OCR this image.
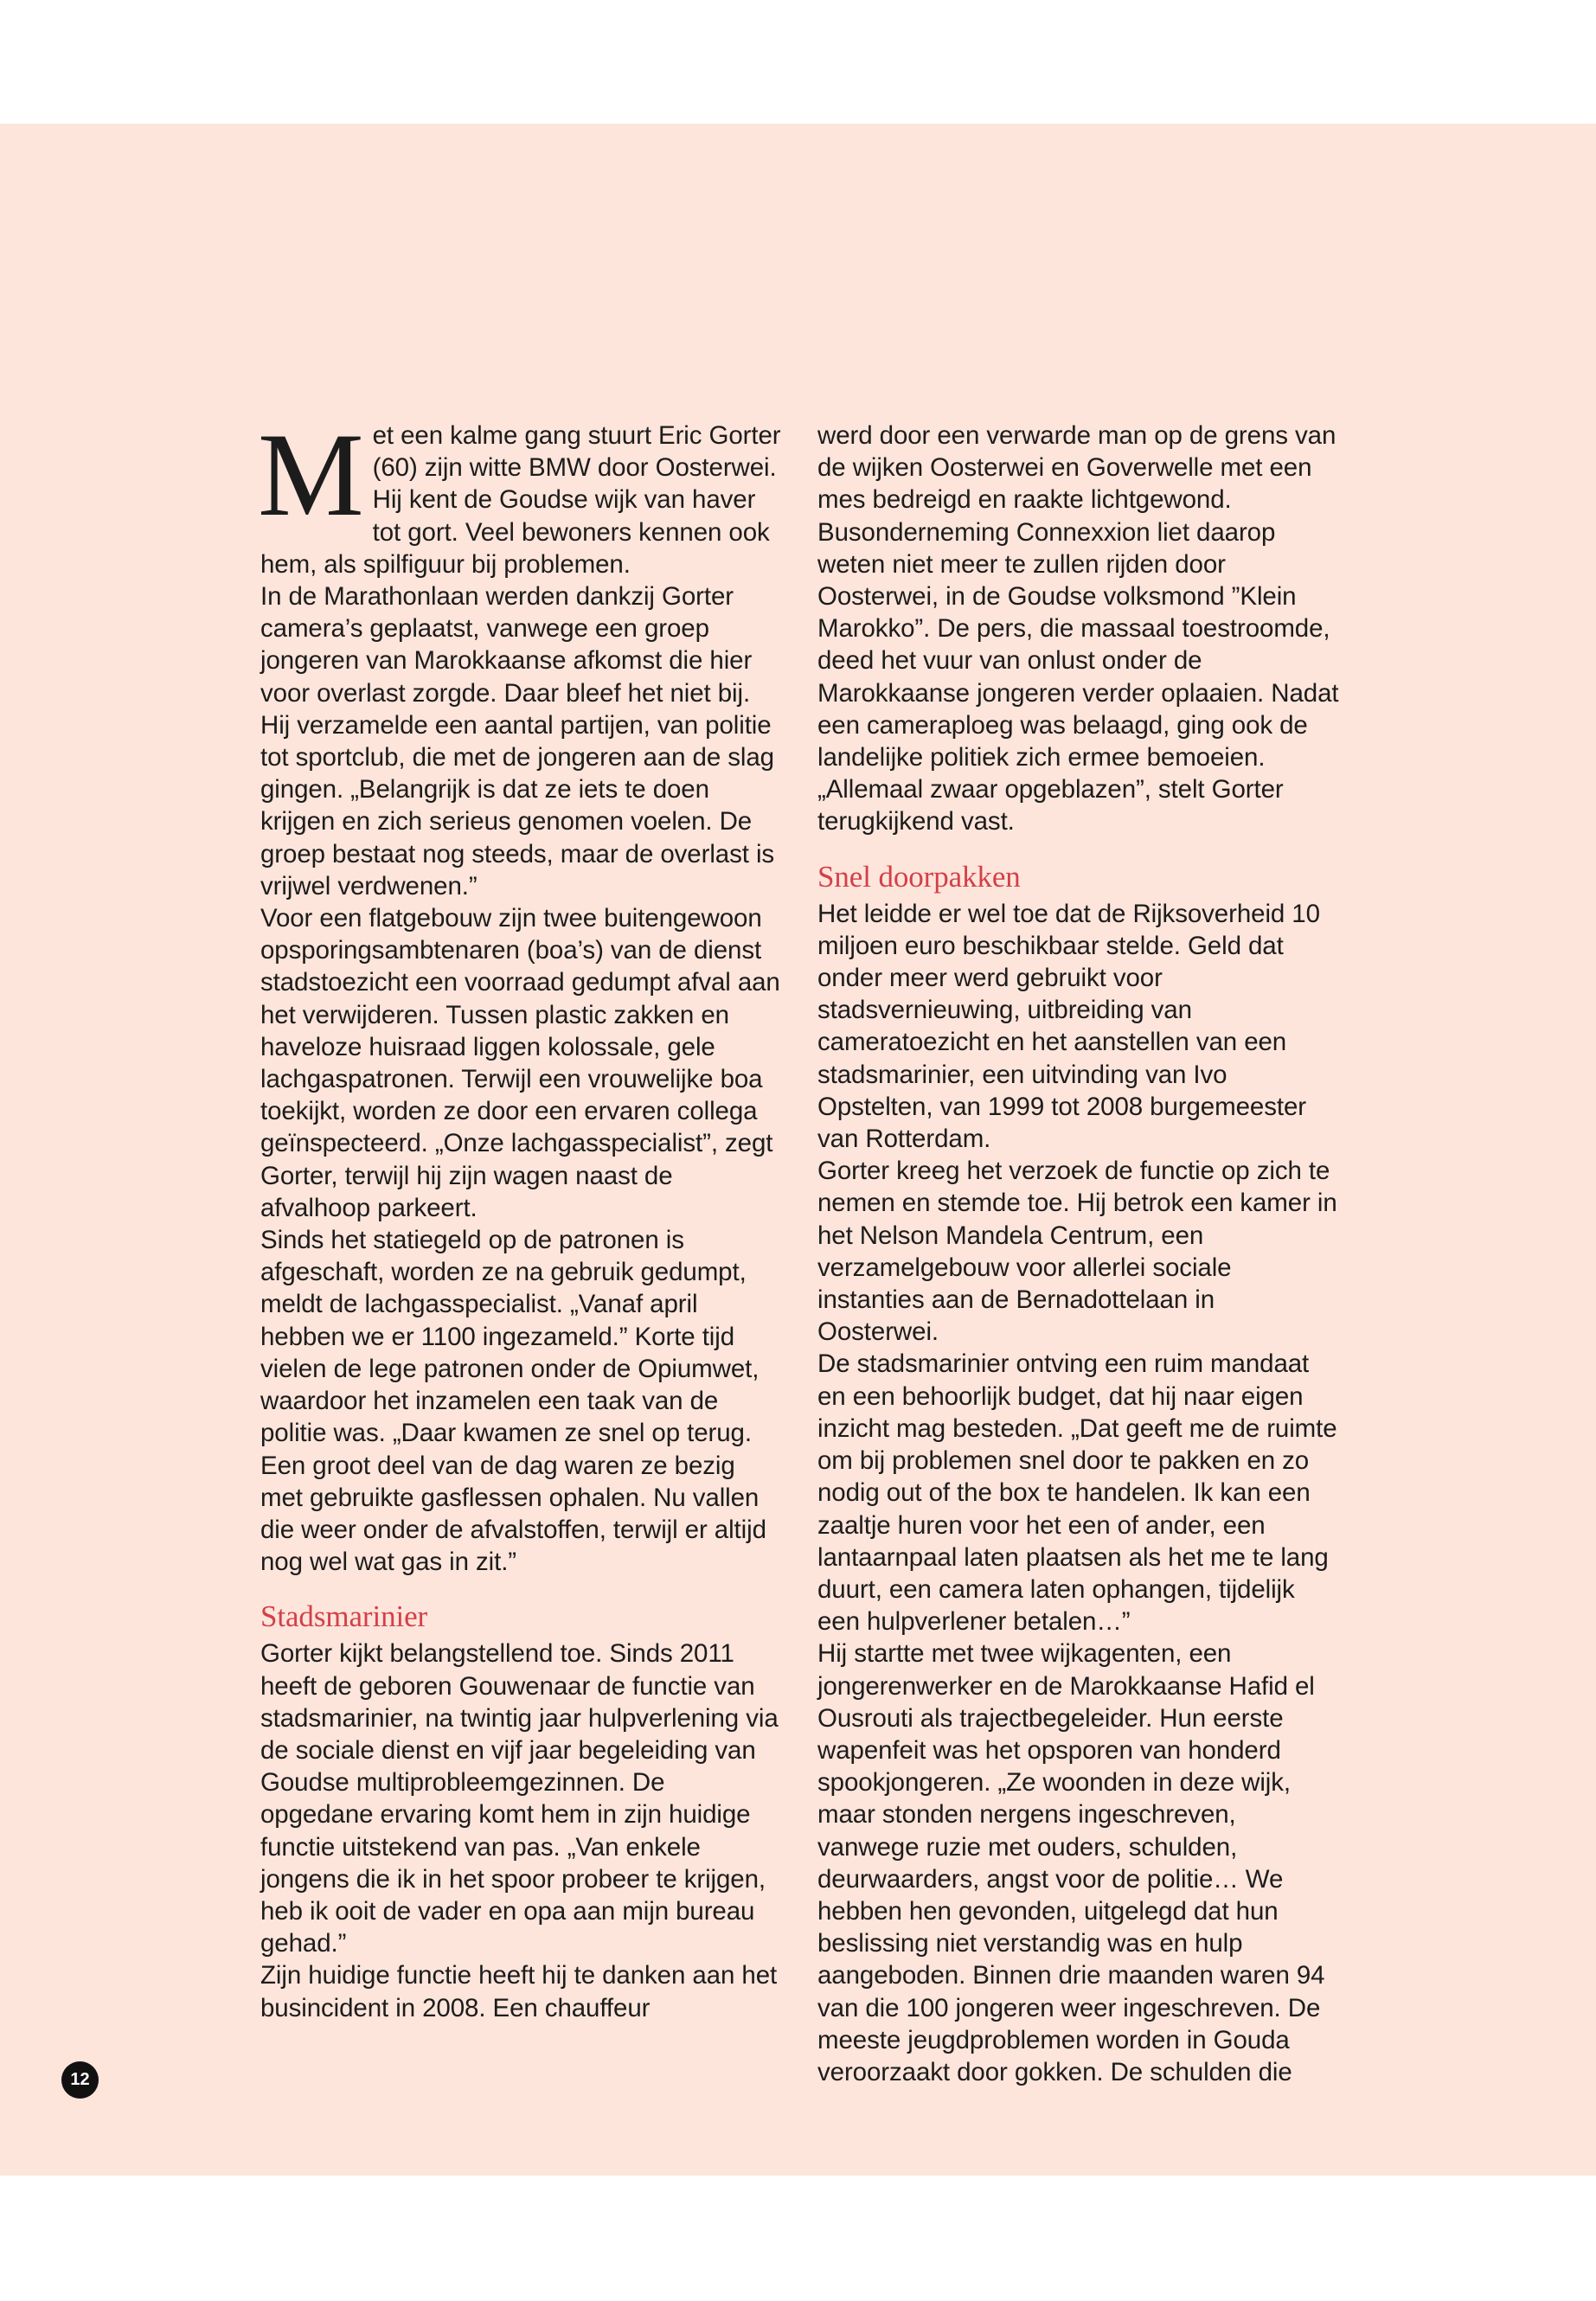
Met een kalme gang stuurt Eric Gorter (60) zijn witte BMW door Oosterwei. Hij kent de Goudse wijk van haver tot gort. Veel bewoners kennen ook hem, als spilfiguur bij problemen.

In de Marathonlaan werden dankzij Gorter camera’s geplaatst, vanwege een groep jongeren van Marokkaanse afkomst die hier voor overlast zorgde. Daar bleef het niet bij. Hij verzamelde een aantal partijen, van politie tot sportclub, die met de jongeren aan de slag gingen. „Belangrijk is dat ze iets te doen krijgen en zich serieus genomen voelen. De groep bestaat nog steeds, maar de overlast is vrijwel verdwenen.”

Voor een flatgebouw zijn twee buitengewoon opsporingsambtenaren (boa’s) van de dienst stadstoezicht een voorraad gedumpt afval aan het verwijderen. Tussen plastic zakken en haveloze huisraad liggen kolossale, gele lachgaspatronen. Terwijl een vrouwelijke boa toekijkt, worden ze door een ervaren collega geïnspecteerd. „Onze lachgasspecialist”, zegt Gorter, terwijl hij zijn wagen naast de afvalhoop parkeert.

Sinds het statiegeld op de patronen is afgeschaft, worden ze na gebruik gedumpt, meldt de lachgasspecialist. „Vanaf april hebben we er 1100 ingezameld.” Korte tijd vielen de lege patronen onder de Opiumwet, waardoor het inzamelen een taak van de politie was. „Daar kwamen ze snel op terug. Een groot deel van de dag waren ze bezig met gebruikte gasflessen ophalen. Nu vallen die weer onder de afvalstoffen, terwijl er altijd nog wel wat gas in zit.”

Stadsmarinier

Gorter kijkt belangstellend toe. Sinds 2011 heeft de geboren Gouwenaar de functie van stadsmarinier, na twintig jaar hulpverlening via de sociale dienst en vijf jaar begeleiding van Goudse multiprobleemgezinnen. De opgedane ervaring komt hem in zijn huidige functie uitstekend van pas. „Van enkele jongens die ik in het spoor probeer te krijgen, heb ik ooit de vader en opa aan mijn bureau gehad.”

Zijn huidige functie heeft hij te danken aan het busincident in 2008. Een chauffeur

werd door een verwarde man op de grens van de wijken Oosterwei en Goverwelle met een mes bedreigd en raakte lichtgewond. Busonderneming Connexxion liet daarop weten niet meer te zullen rijden door Oosterwei, in de Goudse volksmond ”Klein Marokko”. De pers, die massaal toestroomde, deed het vuur van onlust onder de Marokkaanse jongeren verder oplaaien. Nadat een cameraploeg was belaagd, ging ook de landelijke politiek zich ermee bemoeien. „Allemaal zwaar opgeblazen”, stelt Gorter terugkijkend vast.

Snel doorpakken

Het leidde er wel toe dat de Rijksoverheid 10 miljoen euro beschikbaar stelde. Geld dat onder meer werd gebruikt voor stadsvernieuwing, uitbreiding van cameratoezicht en het aanstellen van een stadsmarinier, een uitvinding van Ivo Opstelten, van 1999 tot 2008 burgemeester van Rotterdam.

Gorter kreeg het verzoek de functie op zich te nemen en stemde toe. Hij betrok een kamer in het Nelson Mandela Centrum, een verzamelgebouw voor allerlei sociale instanties aan de Bernadottelaan in Oosterwei.

De stadsmarinier ontving een ruim mandaat en een behoorlijk budget, dat hij naar eigen inzicht mag besteden. „Dat geeft me de ruimte om bij problemen snel door te pakken en zo nodig out of the box te handelen. Ik kan een zaaltje huren voor het een of ander, een lantaarnpaal laten plaatsen als het me te lang duurt, een camera laten ophangen, tijdelijk een hulpverlener betalen…”

Hij startte met twee wijkagenten, een jongerenwerker en de Marokkaanse Hafid el Ousrouti als trajectbegeleider. Hun eerste wapenfeit was het opsporen van honderd spookjongeren. „Ze woonden in deze wijk, maar stonden nergens ingeschreven, vanwege ruzie met ouders, schulden, deurwaarders, angst voor de politie… We hebben hen gevonden, uitgelegd dat hun beslissing niet verstandig was en hulp aangeboden. Binnen drie maanden waren 94 van die 100 jongeren weer ingeschreven. De meeste jeugdproblemen worden in Gouda veroorzaakt door gokken. De schulden die

12
